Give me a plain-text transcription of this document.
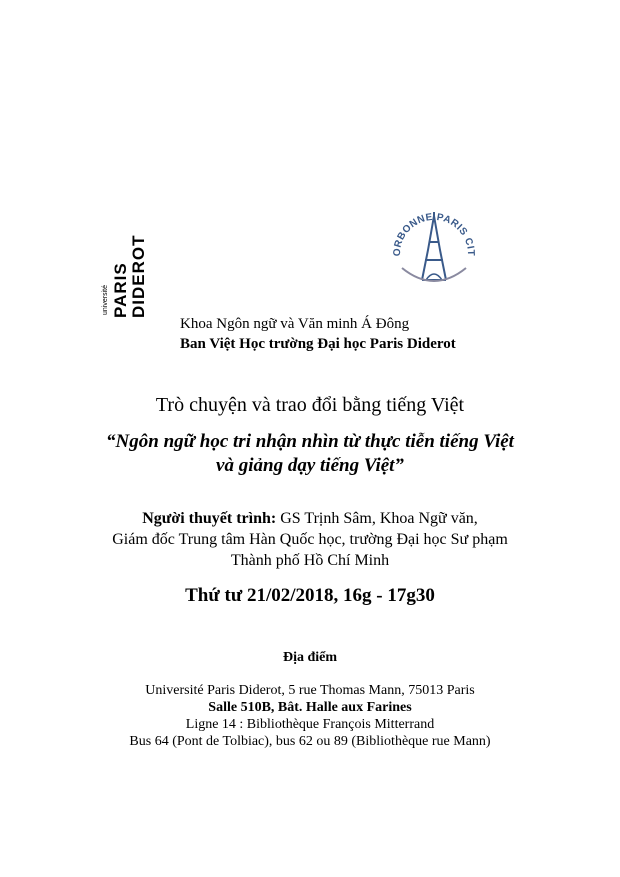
université PARIS DIDEROT	ORBONNE PARIS CIT
Khoa Ngôn ngữ và Văn minh Á Đông
Ban Việt Học trường Đại học Paris Diderot
Trò chuyện và trao đổi bằng tiếng Việt
“Ngôn ngữ học tri nhận nhìn từ thực tiễn tiếng Việt
và giảng dạy tiếng Việt”
Người thuyết trình: GS Trịnh Sâm, Khoa Ngữ văn,
Giám đốc Trung tâm Hàn Quốc học, trường Đại học Sư phạm
Thành phố Hồ Chí Minh
Thứ tư 21/02/2018, 16g - 17g30
Địa điểm
Université Paris Diderot, 5 rue Thomas Mann, 75013 Paris
Salle 510B, Bât. Halle aux Farines
Ligne 14 : Bibliothèque François Mitterrand
Bus 64 (Pont de Tolbiac), bus 62 ou 89 (Bibliothèque rue Mann)
